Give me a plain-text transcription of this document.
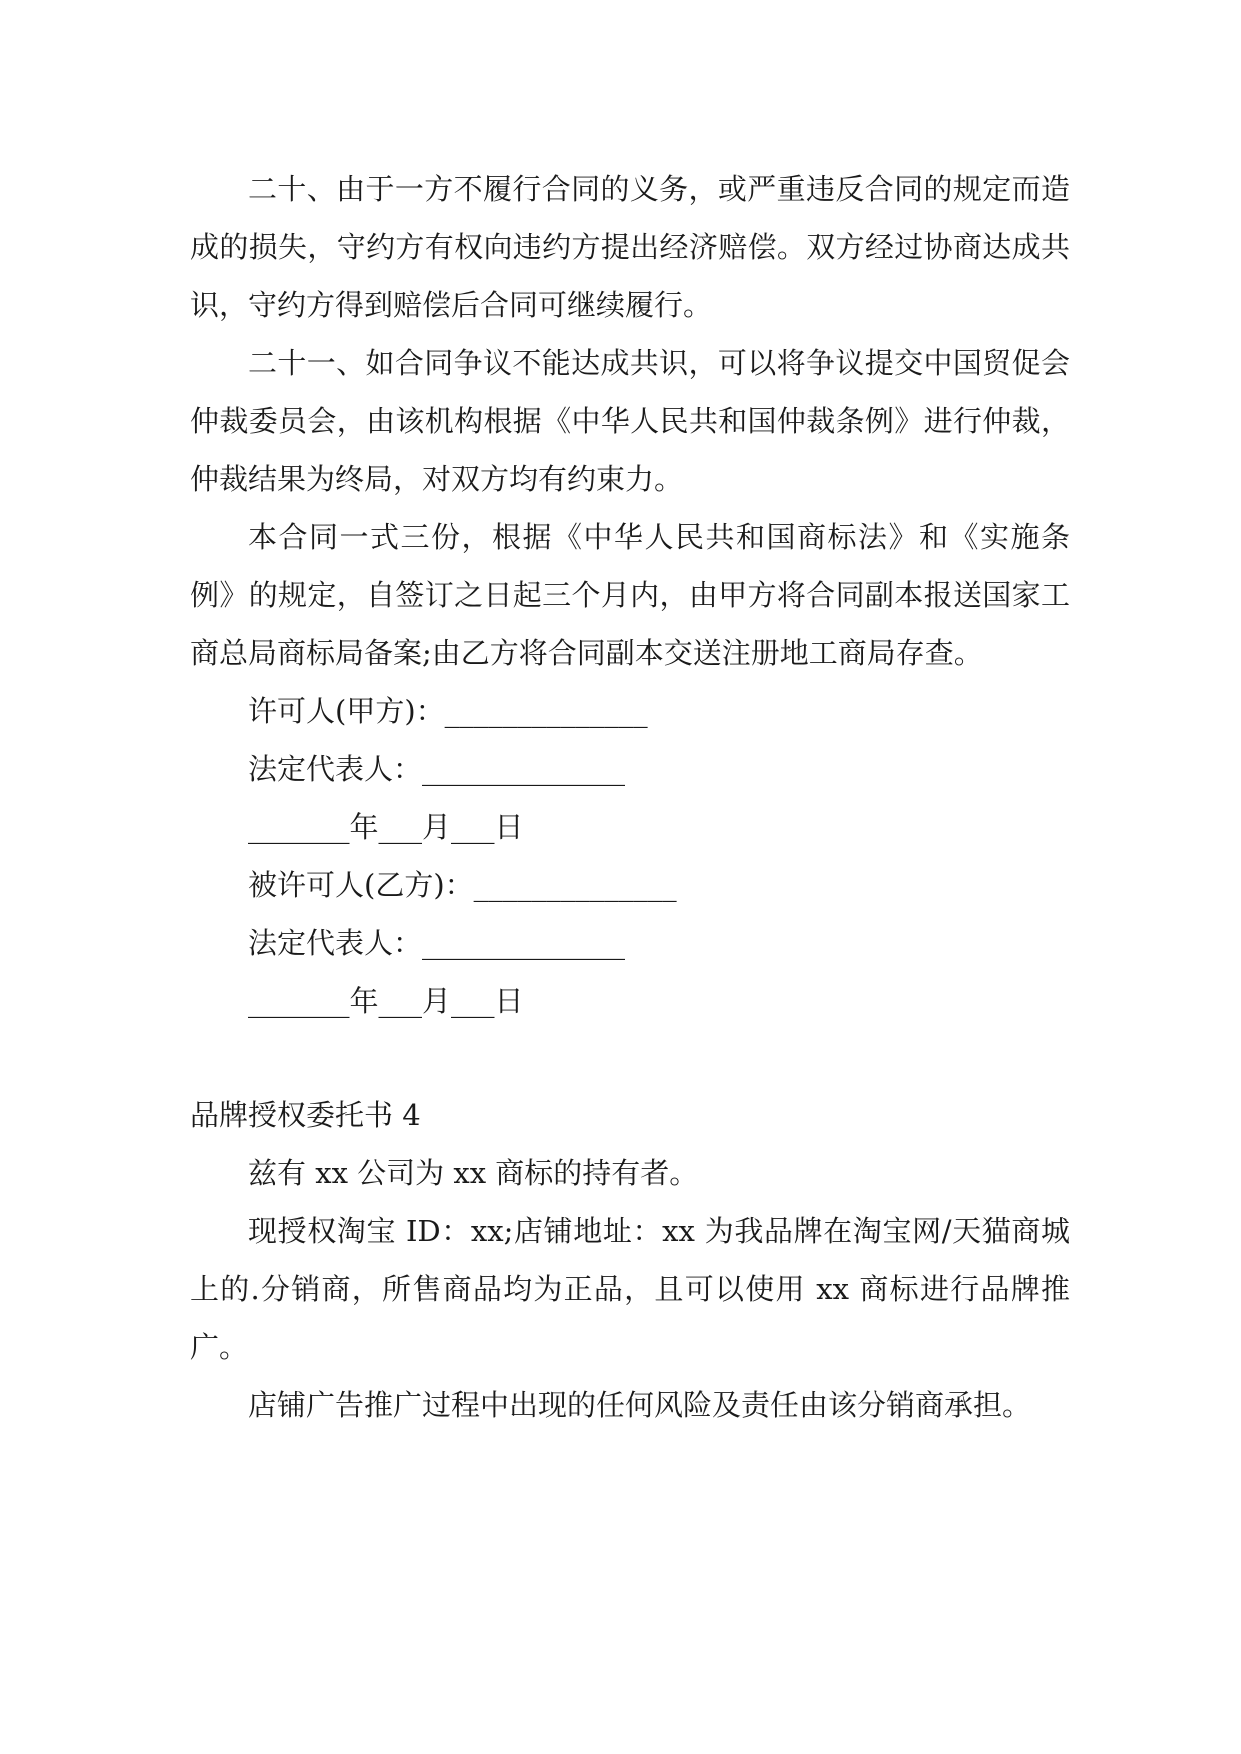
二十、由于一方不履行合同的义务，或严重违反合同的规定而造成的损失，守约方有权向违约方提出经济赔偿。双方经过协商达成共识，守约方得到赔偿后合同可继续履行。

二十一、如合同争议不能达成共识，可以将争议提交中国贸促会仲裁委员会，由该机构根据《中华人民共和国仲裁条例》进行仲裁，仲裁结果为终局，对双方均有约束力。

本合同一式三份，根据《中华人民共和国商标法》和《实施条例》的规定，自签订之日起三个月内，由甲方将合同副本报送国家工商总局商标局备案;由乙方将合同副本交送注册地工商局存查。

许可人(甲方)：______________

法定代表人：______________

_______年___月___日

被许可人(乙方)：______________

法定代表人：______________

_______年___月___日

品牌授权委托书 4

兹有 xx 公司为 xx 商标的持有者。

现授权淘宝 ID：xx;店铺地址：xx 为我品牌在淘宝网/天猫商城上的.分销商，所售商品均为正品，且可以使用 xx 商标进行品牌推广。

店铺广告推广过程中出现的任何风险及责任由该分销商承担。
